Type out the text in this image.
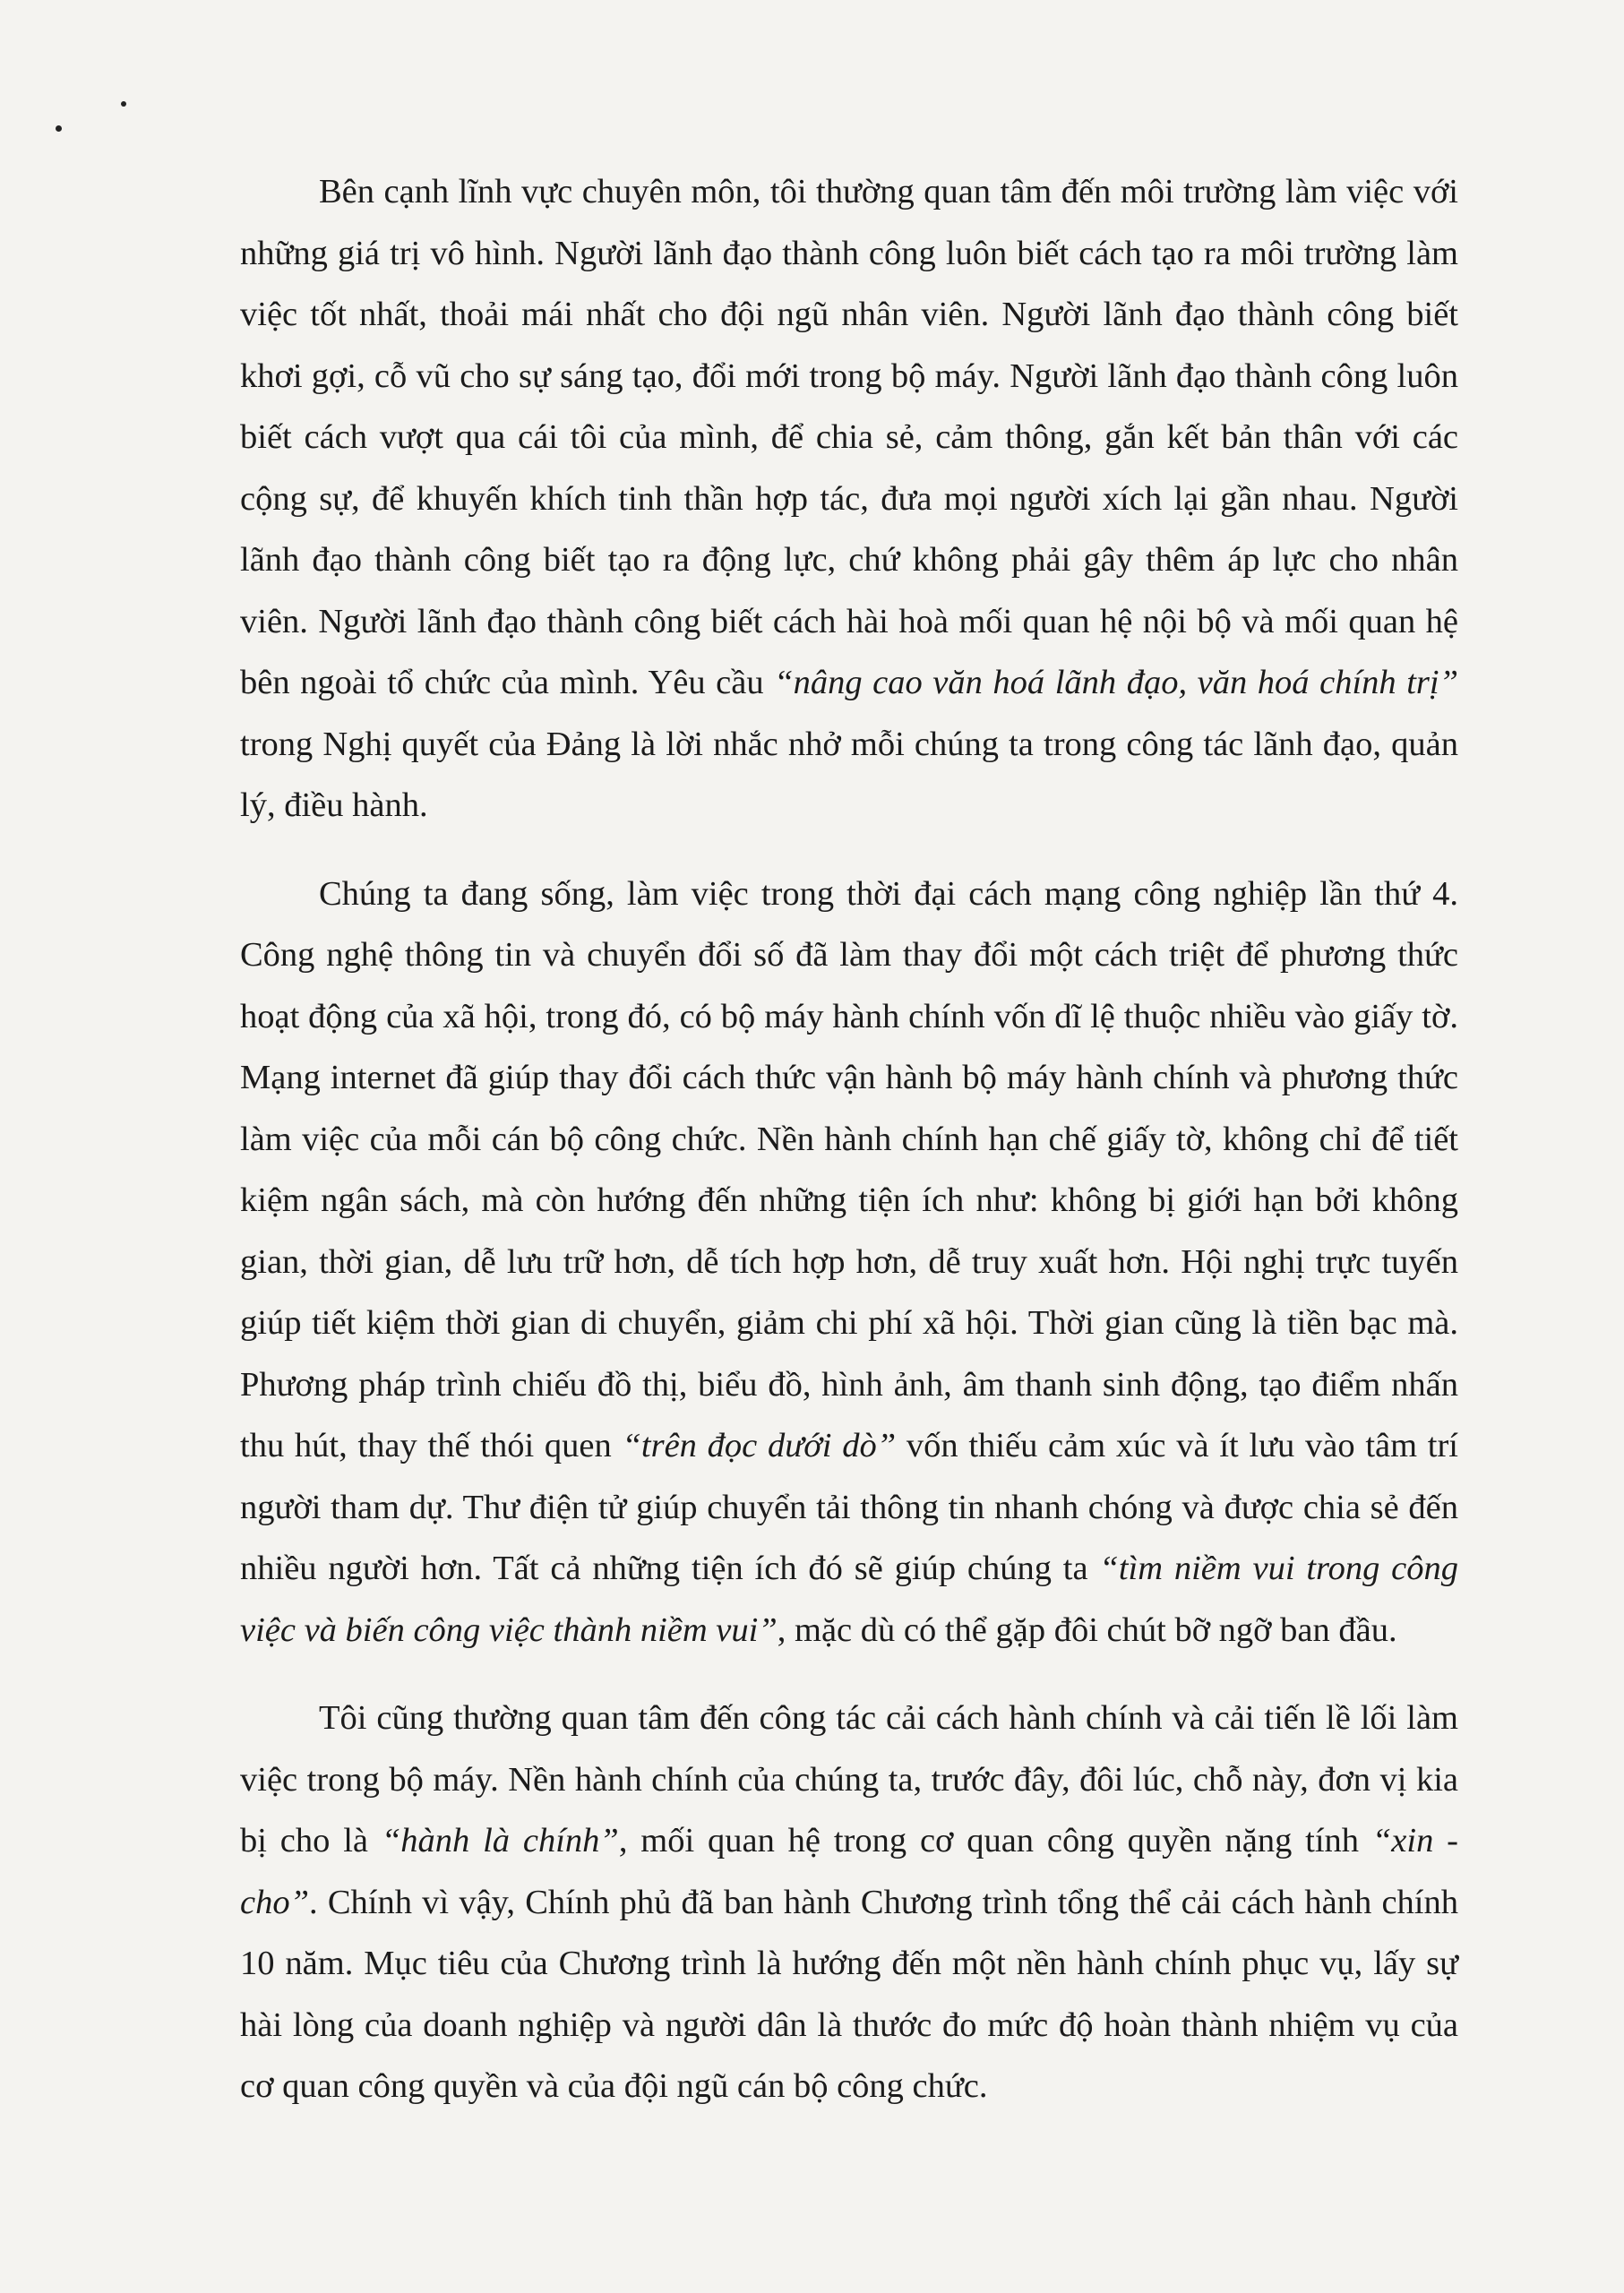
Bên cạnh lĩnh vực chuyên môn, tôi thường quan tâm đến môi trường làm việc với những giá trị vô hình. Người lãnh đạo thành công luôn biết cách tạo ra môi trường làm việc tốt nhất, thoải mái nhất cho đội ngũ nhân viên. Người lãnh đạo thành công biết khơi gợi, cỗ vũ cho sự sáng tạo, đổi mới trong bộ máy. Người lãnh đạo thành công luôn biết cách vượt qua cái tôi của mình, để chia sẻ, cảm thông, gắn kết bản thân với các cộng sự, để khuyến khích tinh thần hợp tác, đưa mọi người xích lại gần nhau. Người lãnh đạo thành công biết tạo ra động lực, chứ không phải gây thêm áp lực cho nhân viên. Người lãnh đạo thành công biết cách hài hoà mối quan hệ nội bộ và mối quan hệ bên ngoài tổ chức của mình. Yêu cầu “nâng cao văn hoá lãnh đạo, văn hoá chính trị” trong Nghị quyết của Đảng là lời nhắc nhở mỗi chúng ta trong công tác lãnh đạo, quản lý, điều hành.

Chúng ta đang sống, làm việc trong thời đại cách mạng công nghiệp lần thứ 4. Công nghệ thông tin và chuyển đổi số đã làm thay đổi một cách triệt để phương thức hoạt động của xã hội, trong đó, có bộ máy hành chính vốn dĩ lệ thuộc nhiều vào giấy tờ. Mạng internet đã giúp thay đổi cách thức vận hành bộ máy hành chính và phương thức làm việc của mỗi cán bộ công chức. Nền hành chính hạn chế giấy tờ, không chỉ để tiết kiệm ngân sách, mà còn hướng đến những tiện ích như: không bị giới hạn bởi không gian, thời gian, dễ lưu trữ hơn, dễ tích hợp hơn, dễ truy xuất hơn. Hội nghị trực tuyến giúp tiết kiệm thời gian di chuyển, giảm chi phí xã hội. Thời gian cũng là tiền bạc mà. Phương pháp trình chiếu đồ thị, biểu đồ, hình ảnh, âm thanh sinh động, tạo điểm nhấn thu hút, thay thế thói quen “trên đọc dưới dò” vốn thiếu cảm xúc và ít lưu vào tâm trí người tham dự. Thư điện tử giúp chuyển tải thông tin nhanh chóng và được chia sẻ đến nhiều người hơn. Tất cả những tiện ích đó sẽ giúp chúng ta “tìm niềm vui trong công việc và biến công việc thành niềm vui”, mặc dù có thể gặp đôi chút bỡ ngỡ ban đầu.

Tôi cũng thường quan tâm đến công tác cải cách hành chính và cải tiến lề lối làm việc trong bộ máy. Nền hành chính của chúng ta, trước đây, đôi lúc, chỗ này, đơn vị kia bị cho là “hành là chính”, mối quan hệ trong cơ quan công quyền nặng tính “xin - cho”. Chính vì vậy, Chính phủ đã ban hành Chương trình tổng thể cải cách hành chính 10 năm. Mục tiêu của Chương trình là hướng đến một nền hành chính phục vụ, lấy sự hài lòng của doanh nghiệp và người dân là thước đo mức độ hoàn thành nhiệm vụ của cơ quan công quyền và của đội ngũ cán bộ công chức.
